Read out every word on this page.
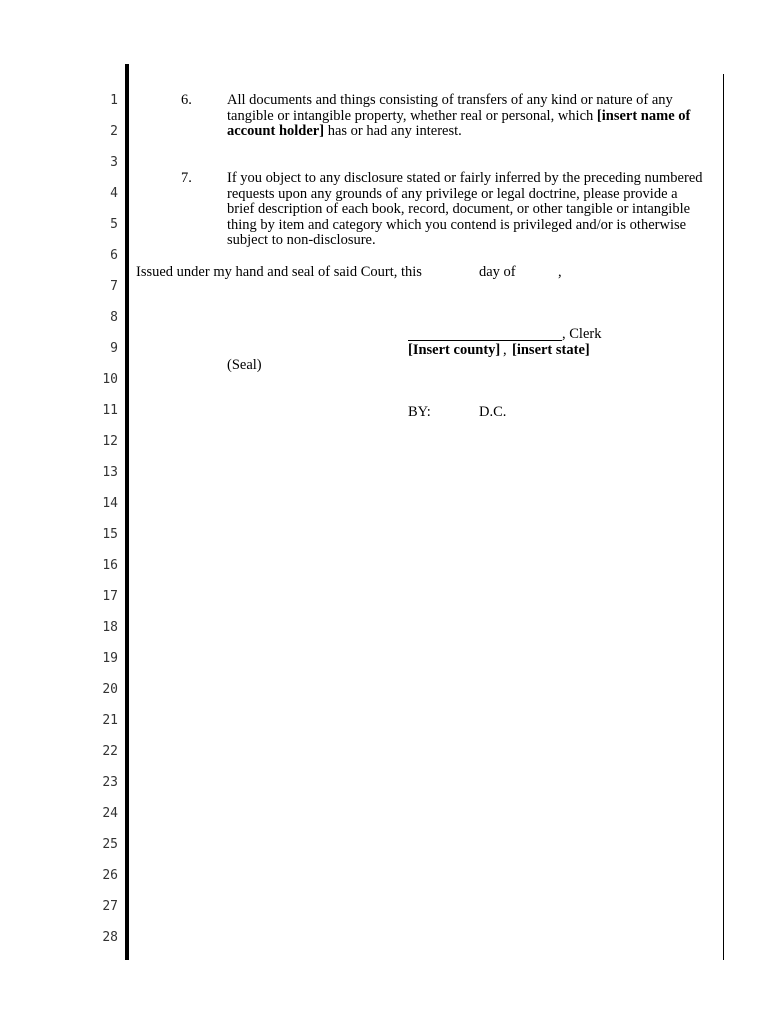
1
2
3
4
5
6
7
8
9
10
11
12
13
14
15
16
17
18
19
20
21
22
23
24
25
26
27
28
6. All documents and things consisting of transfers of any kind or nature of any
tangible or intangible property, whether real or personal, which [insert name of
account holder] has or had any interest.
7. If you object to any disclosure stated or fairly inferred by the preceding numbered
requests upon any grounds of any privilege or legal doctrine, please provide a
brief description of each book, record, document, or other tangible or intangible
thing by item and category which you contend is privileged and/or is otherwise
subject to non-disclosure.
Issued under my hand and seal of said Court, this	day of	,
, Clerk
[Insert county] , [insert state]
(Seal)
BY:	D.C.
